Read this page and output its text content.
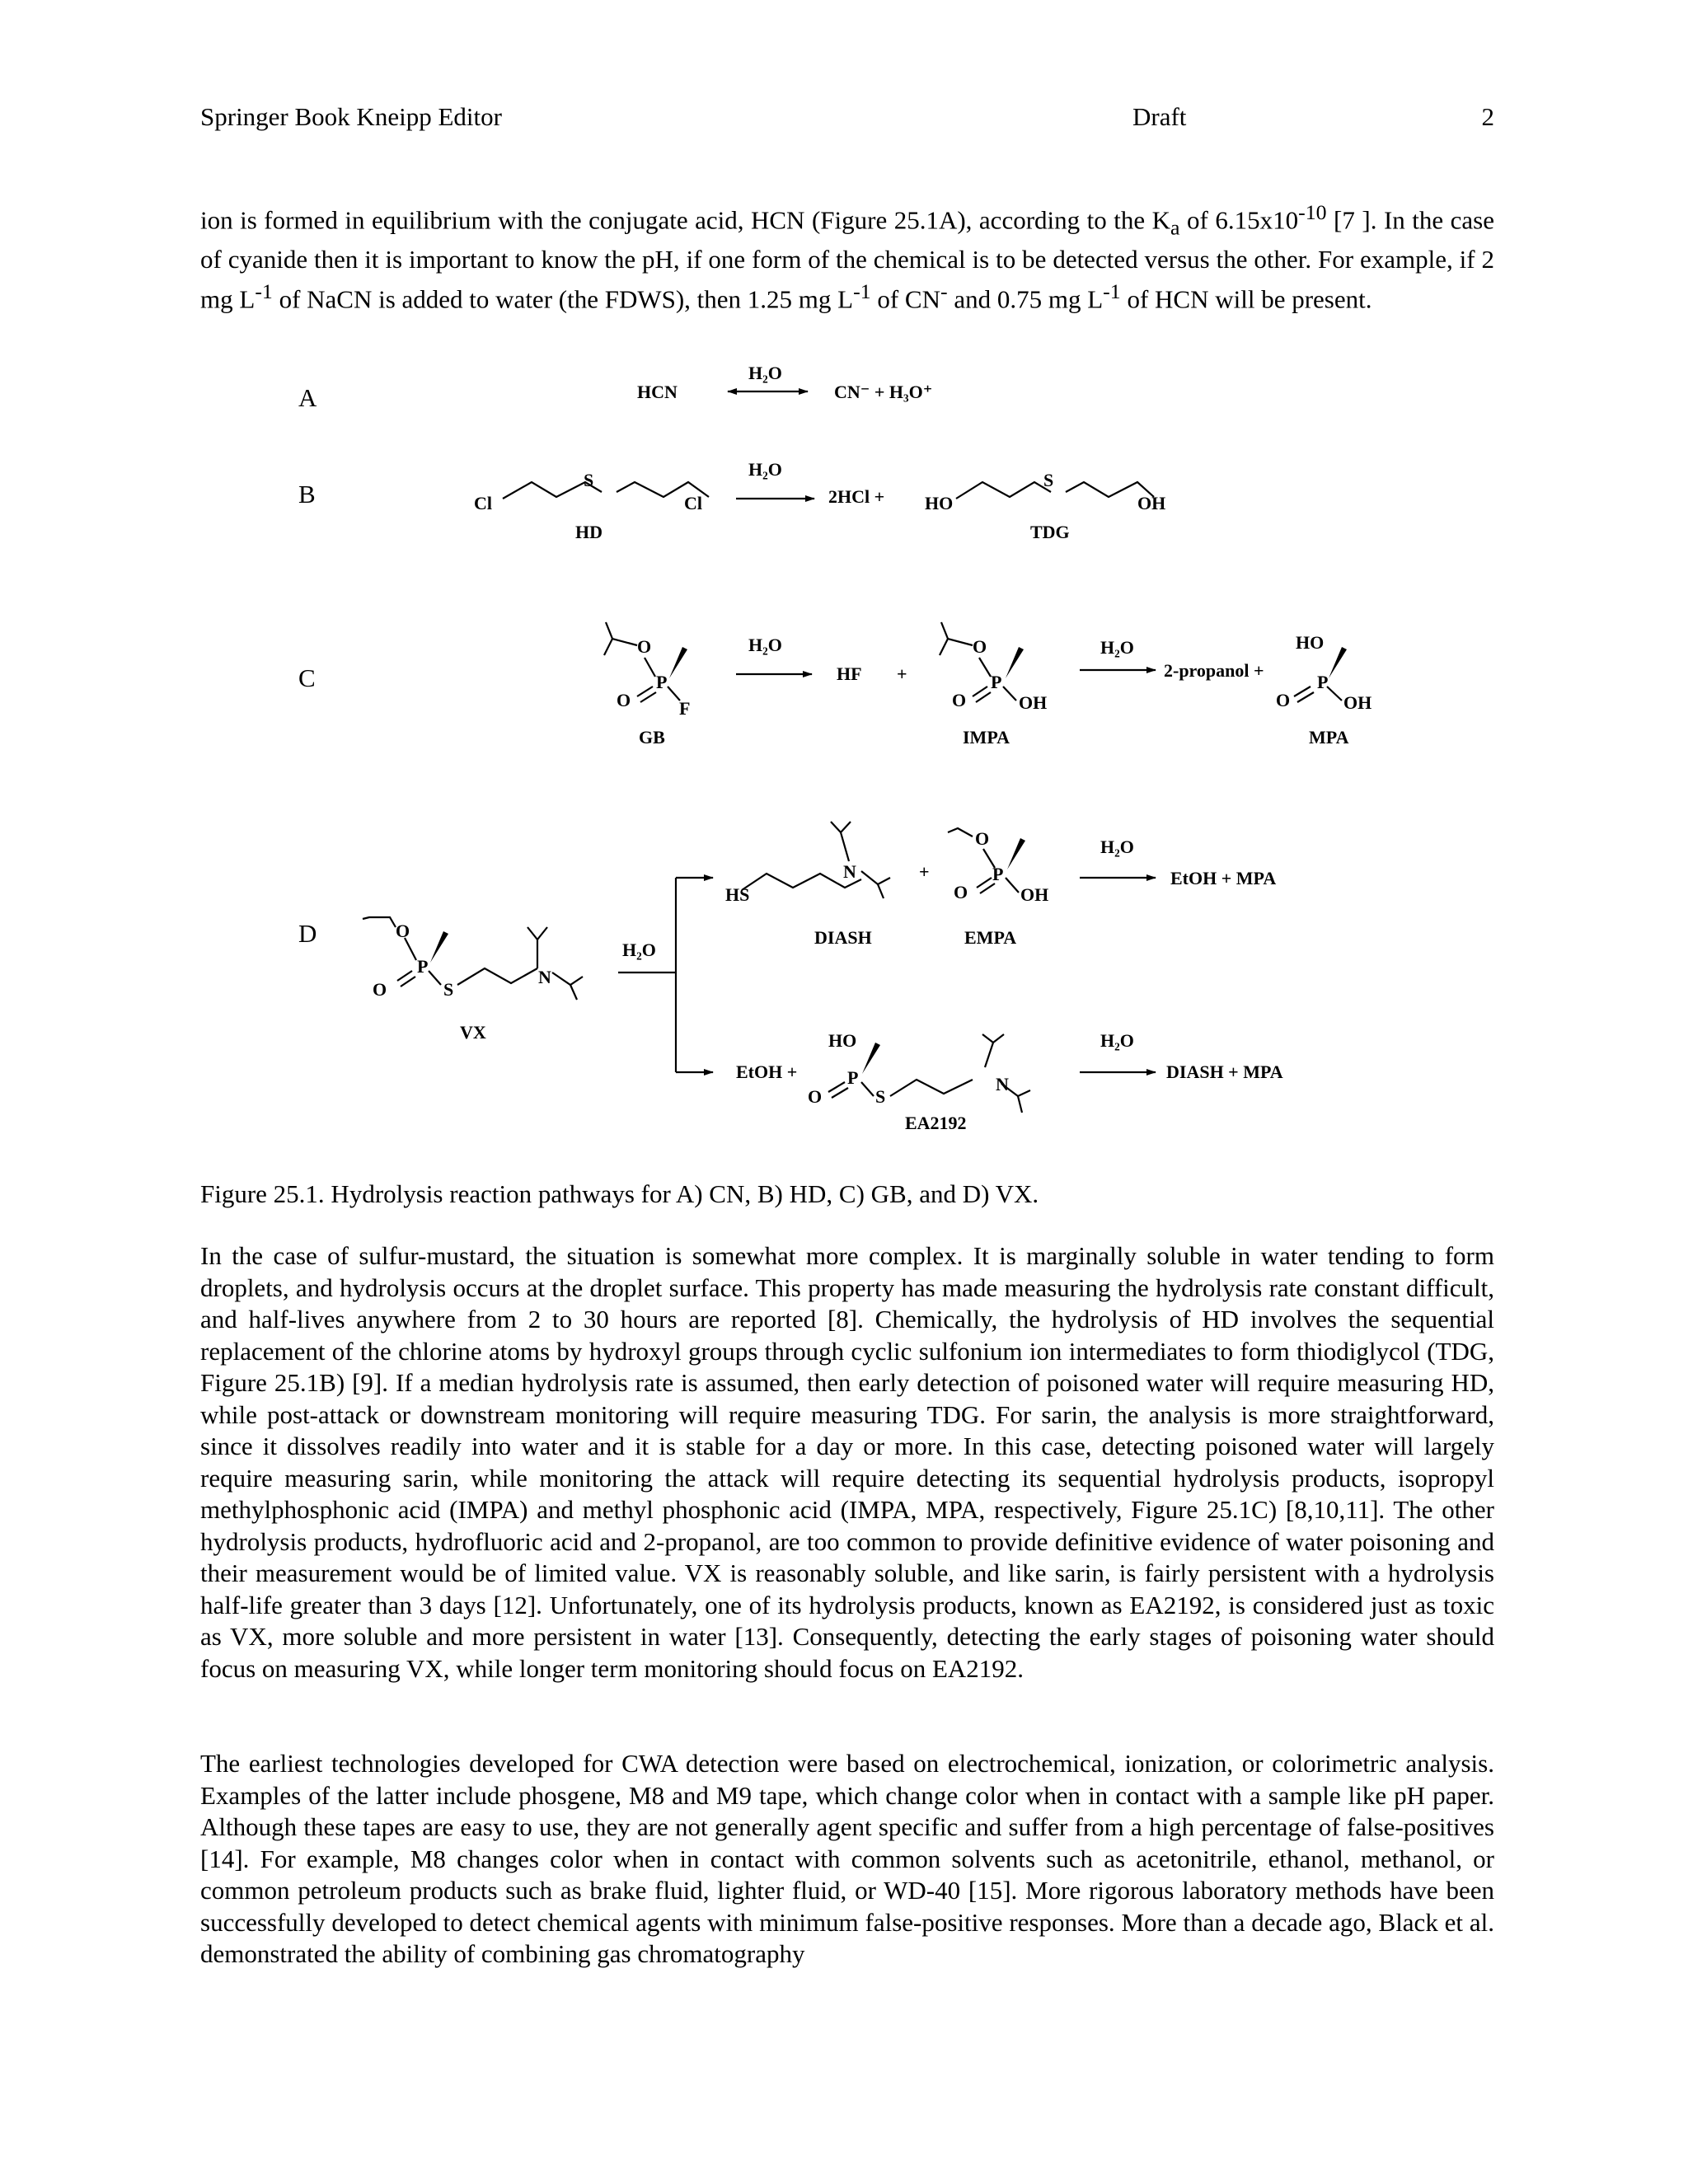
Springer Book Kneipp Editor	Draft	2
ion is formed in equilibrium with the conjugate acid, HCN (Figure 25.1A), according to the $K_a$ of $6.15x10^{-10}$ [7 ]. In the case of cyanide then it is important to know the pH, if one form of the chemical is to be detected versus the other. For example, if 2 mg $L^{-1}$ of NaCN is added to water (the FDWS), then 1.25 mg $L^{-1}$ of CN- and 0.75 mg $L^{-1}$ of HCN will be present.
A
B
C
D
HCN
H₂O
CN⁻ + H₃O⁺
Cl
S
Cl
HD
H₂O
2HCl + HO
S
OH
TDG
O
P
O	F
GB
H₂O
HF +
O
P
O	OH
IMPA
H₂O
2-propanol +
HO
P
O	OH
MPA
O
P
O	S
N
VX
H₂O
HS
N	+
DIASH
O
P
O	OH
EMPA
H₂O
EtOH + MPA
EtOH +
HO
P
O	S
N
EA2192
H₂O
DIASH + MPA
Figure 25.1. Hydrolysis reaction pathways for A) CN, B) HD, C) GB, and D) VX.
In the case of sulfur-mustard, the situation is somewhat more complex. It is marginally soluble in water tending to form droplets, and hydrolysis occurs at the droplet surface. This property has made measuring the hydrolysis rate constant difficult, and half-lives anywhere from 2 to 30 hours are reported [8]. Chemically, the hydrolysis of HD involves the sequential replacement of the chlorine atoms by hydroxyl groups through cyclic sulfonium ion intermediates to form thiodiglycol (TDG, Figure 25.1B) [9]. If a median hydrolysis rate is assumed, then early detection of poisoned water will require measuring HD, while post-attack or downstream monitoring will require measuring TDG. For sarin, the analysis is more straightforward, since it dissolves readily into water and it is stable for a day or more. In this case, detecting poisoned water will largely require measuring sarin, while monitoring the attack will require detecting its sequential hydrolysis products, isopropyl methylphosphonic acid (IMPA) and methyl phosphonic acid (IMPA, MPA, respectively, Figure 25.1C) [8,10,11]. The other hydrolysis products, hydrofluoric acid and 2-propanol, are too common to provide definitive evidence of water poisoning and their measurement would be of limited value. VX is reasonably soluble, and like sarin, is fairly persistent with a hydrolysis half-life greater than 3 days [12]. Unfortunately, one of its hydrolysis products, known as EA2192, is considered just as toxic as VX, more soluble and more persistent in water [13]. Consequently, detecting the early stages of poisoning water should focus on measuring VX, while longer term monitoring should focus on EA2192.
The earliest technologies developed for CWA detection were based on electrochemical, ionization, or colorimetric analysis. Examples of the latter include phosgene, M8 and M9 tape, which change color when in contact with a sample like pH paper. Although these tapes are easy to use, they are not generally agent specific and suffer from a high percentage of false-positives [14]. For example, M8 changes color when in contact with common solvents such as acetonitrile, ethanol, methanol, or common petroleum products such as brake fluid, lighter fluid, or WD-40 [15]. More rigorous laboratory methods have been successfully developed to detect chemical agents with minimum false-positive responses. More than a decade ago, Black et al. demonstrated the ability of combining gas chromatography
